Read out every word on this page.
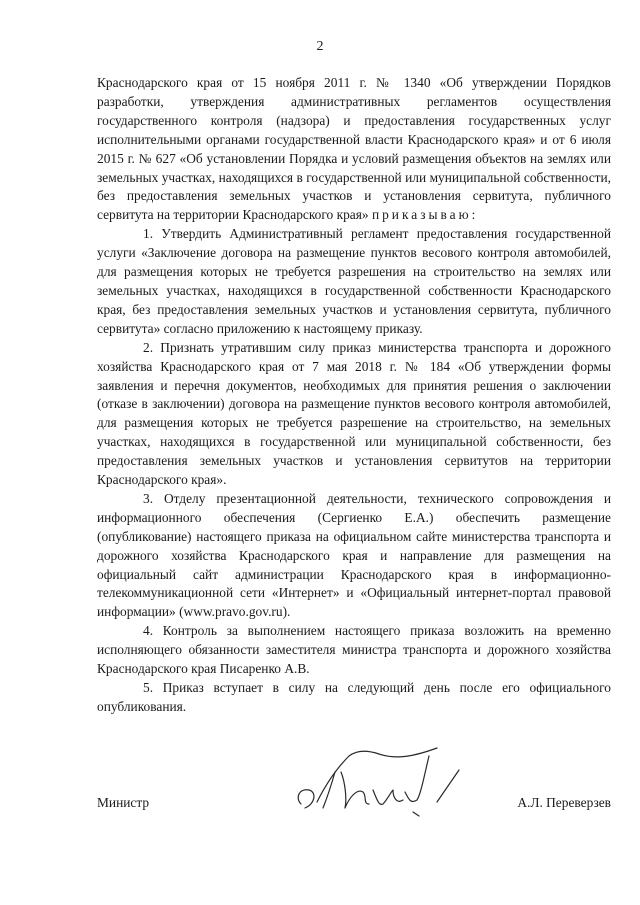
2

Краснодарского края от 15 ноября 2011 г. № 1340 «Об утверждении Порядков разработки, утверждения административных регламентов осуществления государственного контроля (надзора) и предоставления государственных услуг исполнительными органами государственной власти Краснодарского края» и от 6 июля 2015 г. № 627 «Об установлении Порядка и условий размещения объектов на землях или земельных участках, находящихся в государственной или муниципальной собственности, без предоставления земельных участков и установления сервитута, публичного сервитута на территории Краснодарского края» приказываю:

1. Утвердить Административный регламент предоставления государственной услуги «Заключение договора на размещение пунктов весового контроля автомобилей, для размещения которых не требуется разрешения на строительство на землях или земельных участках, находящихся в государственной собственности Краснодарского края, без предоставления земельных участков и установления сервитута, публичного сервитута» согласно приложению к настоящему приказу.

2. Признать утратившим силу приказ министерства транспорта и дорожного хозяйства Краснодарского края от 7 мая 2018 г. № 184 «Об утверждении формы заявления и перечня документов, необходимых для принятия решения о заключении (отказе в заключении) договора на размещение пунктов весового контроля автомобилей, для размещения которых не требуется разрешение на строительство, на земельных участках, находящихся в государственной или муниципальной собственности, без предоставления земельных участков и установления сервитутов на территории Краснодарского края».

3. Отделу презентационной деятельности, технического сопровождения и информационного обеспечения (Сергиенко Е.А.) обеспечить размещение (опубликование) настоящего приказа на официальном сайте министерства транспорта и дорожного хозяйства Краснодарского края и направление для размещения на официальный сайт администрации Краснодарского края в информационно-телекоммуникационной сети «Интернет» и «Официальный интернет-портал правовой информации» (www.pravo.gov.ru).

4. Контроль за выполнением настоящего приказа возложить на временно исполняющего обязанности заместителя министра транспорта и дорожного хозяйства Краснодарского края Писаренко А.В.

5. Приказ вступает в силу на следующий день после его официального опубликования.

Министр	А.Л. Переверзев
